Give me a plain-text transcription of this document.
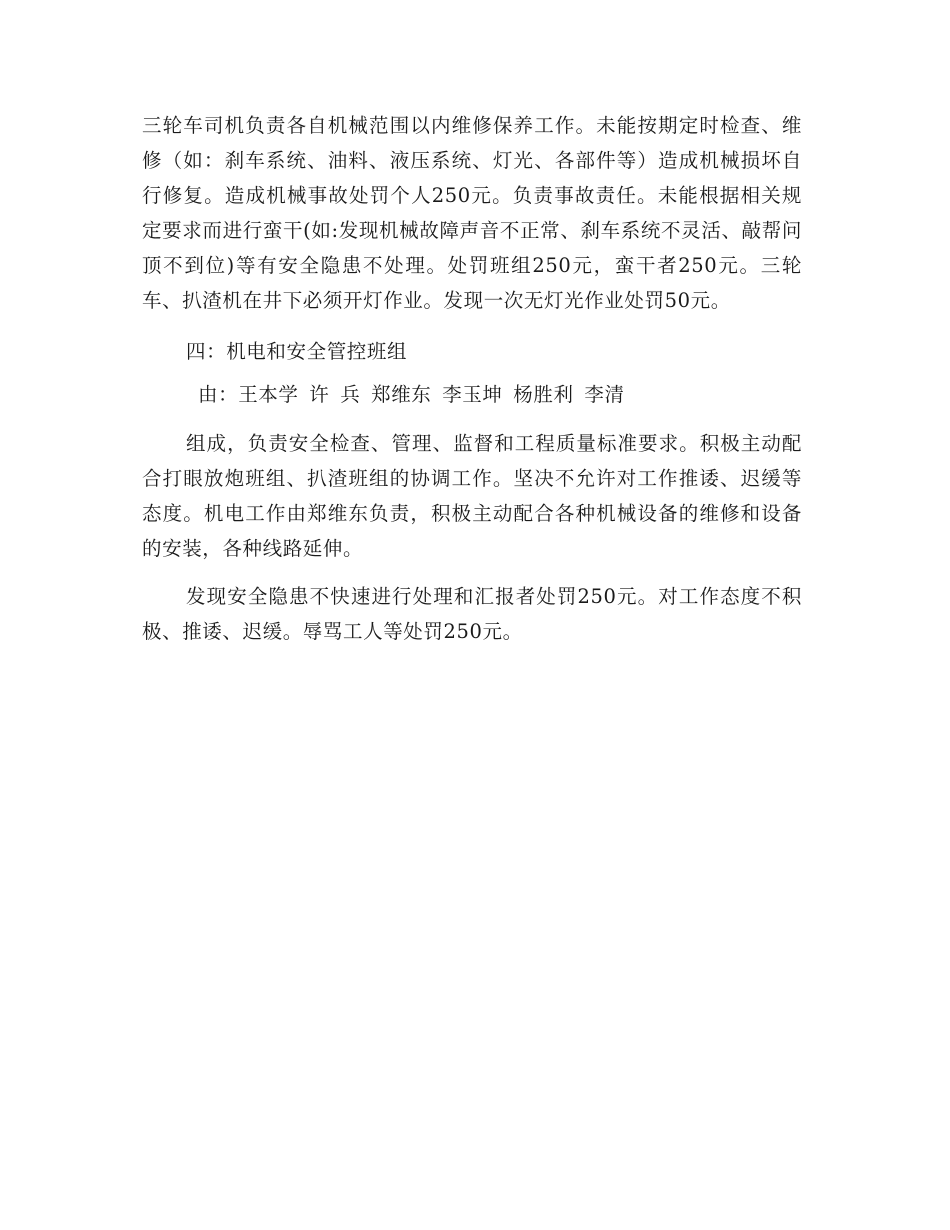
三轮车司机负责各自机械范围以内维修保养工作。未能按期定时检查、维修（如：刹车系统、油料、液压系统、灯光、各部件等）造成机械损坏自行修复。造成机械事故处罚个人250元。负责事故责任。未能根据相关规定要求而进行蛮干(如:发现机械故障声音不正常、刹车系统不灵活、敲帮问顶不到位)等有安全隐患不处理。处罚班组250元，蛮干者250元。三轮车、扒渣机在井下必须开灯作业。发现一次无灯光作业处罚50元。

四：机电和安全管控班组

由：王本学 许 兵 郑维东 李玉坤 杨胜利 李清

组成，负责安全检查、管理、监督和工程质量标准要求。积极主动配合打眼放炮班组、扒渣班组的协调工作。坚决不允许对工作推诿、迟缓等态度。机电工作由郑维东负责，积极主动配合各种机械设备的维修和设备的安装，各种线路延伸。

发现安全隐患不快速进行处理和汇报者处罚250元。对工作态度不积极、推诿、迟缓。辱骂工人等处罚250元。
